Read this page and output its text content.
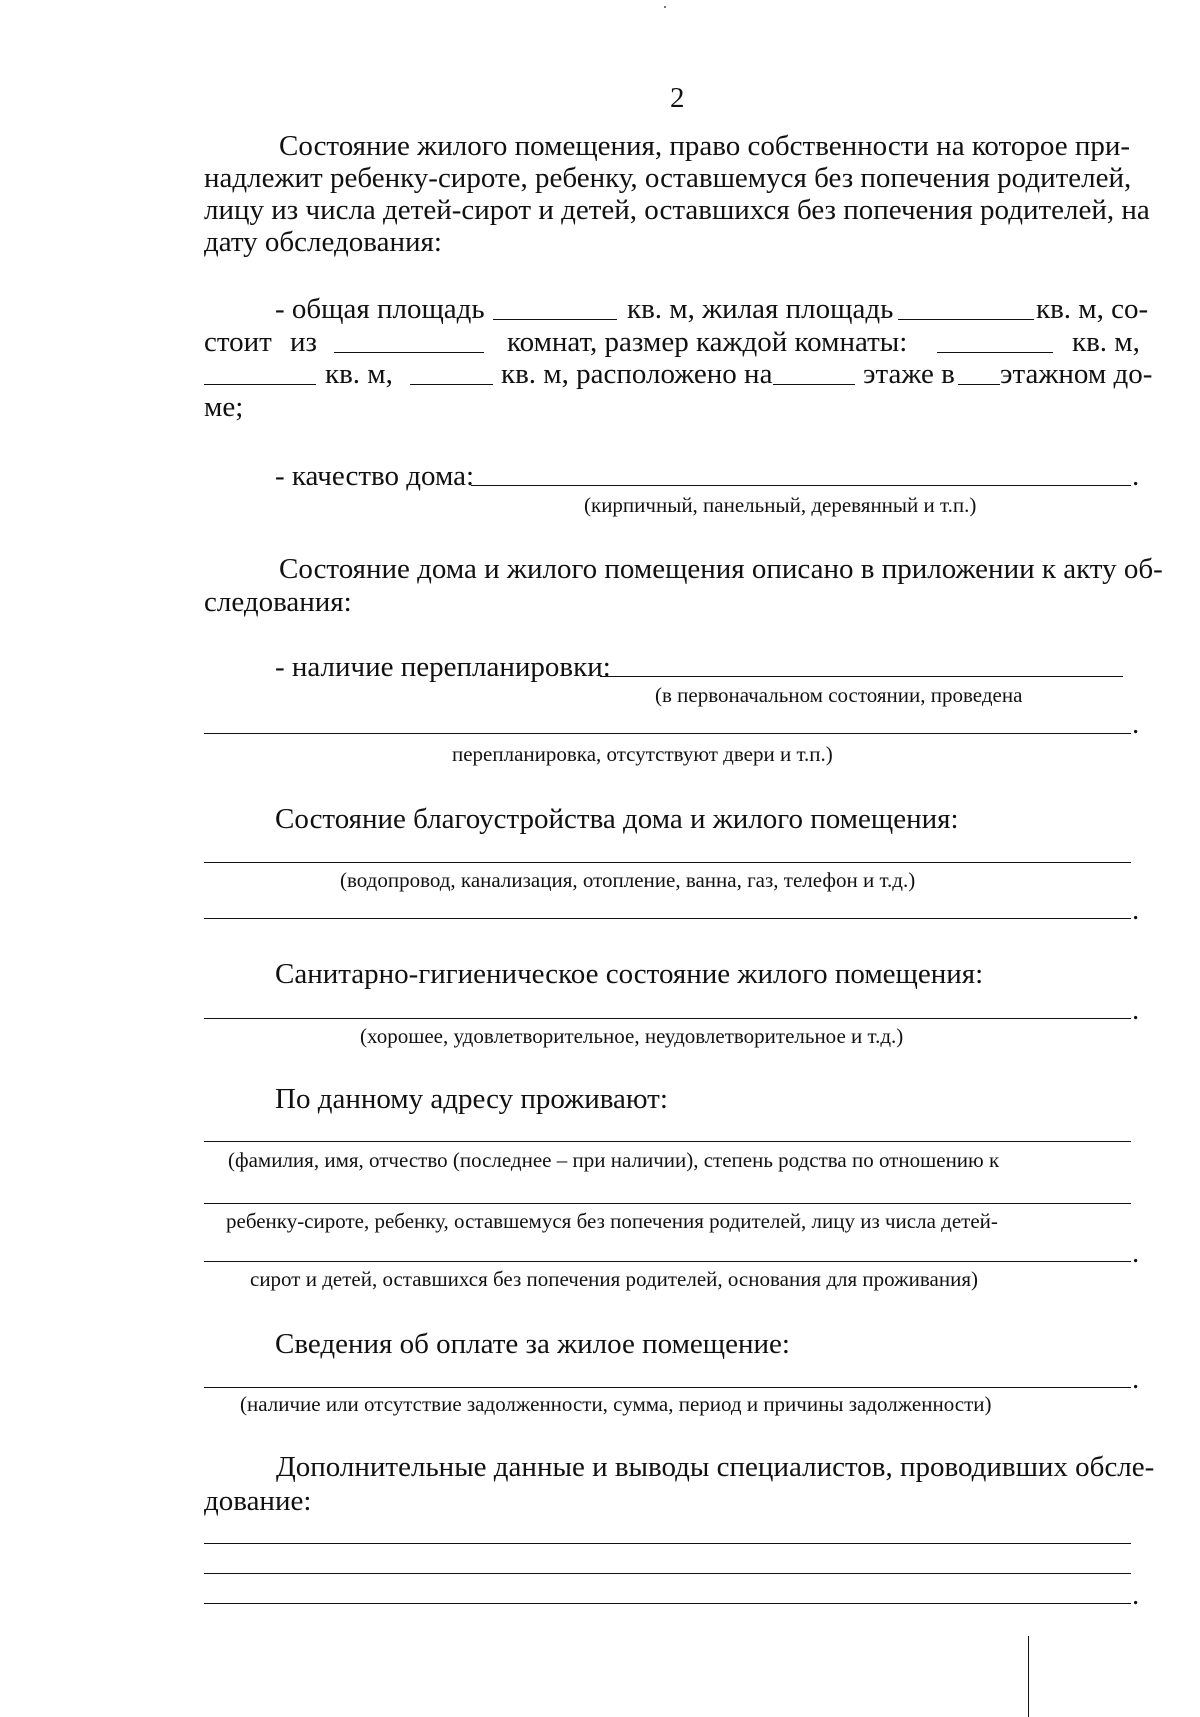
2
Состояние жилого помещения, право собственности на которое при-
надлежит ребенку-сироте, ребенку, оставшемуся без попечения родителей,
лицу из числа детей-сирот и детей, оставшихся без попечения родителей, на
дату обследования:
- общая площадь	кв. м, жилая площадь	кв. м, со-
стоит из	комнат, размер каждой комнаты:	кв. м,
кв. м,	кв. м, расположено на	этаже в этажном до-
ме;
- качество дома:	.
(кирпичный, панельный, деревянный и т.п.)
Состояние дома и жилого помещения описано в приложении к акту об-
следования:
- наличие перепланировки:
(в первоначальном состоянии, проведена
.
перепланировка, отсутствуют двери и т.п.)
Состояние благоустройства дома и жилого помещения:
(водопровод, канализация, отопление, ванна, газ, телефон и т.д.)
.
Санитарно-гигиеническое состояние жилого помещения:
.
(хорошее, удовлетворительное, неудовлетворительное и т.д.)
По данному адресу проживают:
(фамилия, имя, отчество (последнее – при наличии), степень родства по отношению к
ребенку-сироте, ребенку, оставшемуся без попечения родителей, лицу из числа детей-
.
сирот и детей, оставшихся без попечения родителей, основания для проживания)
Сведения об оплате за жилое помещение:
.
(наличие или отсутствие задолженности, сумма, период и причины задолженности)
Дополнительные данные и выводы специалистов, проводивших обсле-
дование:
.
